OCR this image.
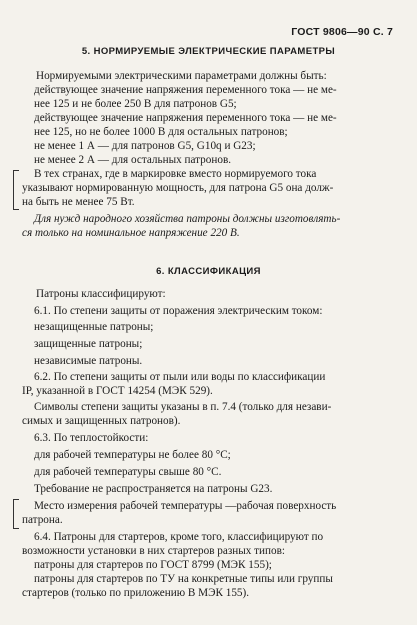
ГОСТ 9806—90 С. 7
5. НОРМИРУЕМЫЕ ЭЛЕКТРИЧЕСКИЕ ПАРАМЕТРЫ
Нормируемыми электрическими параметрами должны быть:
действующее значение напряжения переменного тока — не ме-
нее 125 и не более 250 В для патронов G5;
действующее значение напряжения переменного тока — не ме-
нее 125, но не более 1000 В для остальных патронов;
не менее 1 А — для патронов G5, G10q и G23;
не менее 2 А — для остальных патронов.
В тех странах, где в маркировке вместо нормируемого тока
указывают нормированную мощность, для патрона G5 она долж-
на быть не менее 75 Вт.
Для нужд народного хозяйства патроны должны изготовлять-
ся только на номинальное напряжение 220 В.
6. КЛАССИФИКАЦИЯ
Патроны классифицируют:
6.1. По степени защиты от поражения электрическим током:
незащищенные патроны;
защищенные патроны;
независимые патроны.
6.2. По степени защиты от пыли или воды по классификации
IP, указанной в ГОСТ 14254 (МЭК 529).
Символы степени защиты указаны в п. 7.4 (только для незави-
симых и защищенных патронов).
6.3. По теплостойкости:
для рабочей температуры не более 80 °С;
для рабочей температуры свыше 80 °С.
Требование не распространяется на патроны G23.
Место измерения рабочей температуры —рабочая поверхность
патрона.
6.4. Патроны для стартеров, кроме того, классифицируют по
возможности установки в них стартеров разных типов:
патроны для стартеров по ГОСТ 8799 (МЭК 155);
патроны для стартеров по ТУ на конкретные типы или группы
стартеров (только по приложению В МЭК 155).
